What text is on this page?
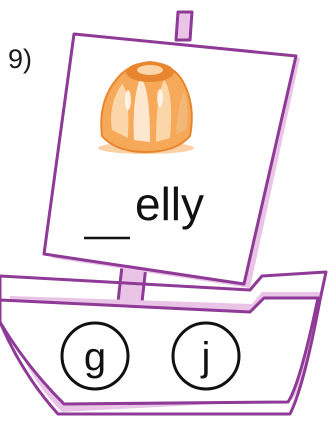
9)
elly
g j
